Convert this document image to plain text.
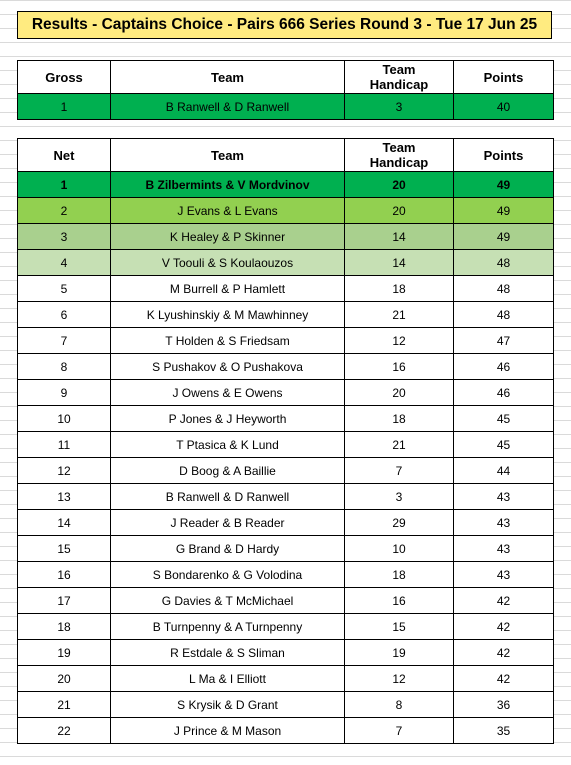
Results - Captains Choice - Pairs 666 Series Round 3 - Tue 17 Jun 25
Gross	Team	Team Handicap	Points
1	B Ranwell & D Ranwell	3	40
Net	Team	Team Handicap	Points
1	B Zilbermints & V Mordvinov	20	49
2	J Evans & L Evans	20	49
3	K Healey & P Skinner	14	49
4	V Toouli & S Koulaouzos	14	48
5	M Burrell & P Hamlett	18	48
6	K Lyushinskiy & M Mawhinney	21	48
7	T Holden & S Friedsam	12	47
8	S Pushakov & O Pushakova	16	46
9	J Owens & E Owens	20	46
10	P Jones & J Heyworth	18	45
11	T Ptasica & K Lund	21	45
12	D Boog & A Baillie	7	44
13	B Ranwell & D Ranwell	3	43
14	J Reader & B Reader	29	43
15	G Brand & D Hardy	10	43
16	S Bondarenko & G Volodina	18	43
17	G Davies & T McMichael	16	42
18	B Turnpenny & A Turnpenny	15	42
19	R Estdale & S Sliman	19	42
20	L Ma & I Elliott	12	42
21	S Krysik & D Grant	8	36
22	J Prince & M Mason	7	35
